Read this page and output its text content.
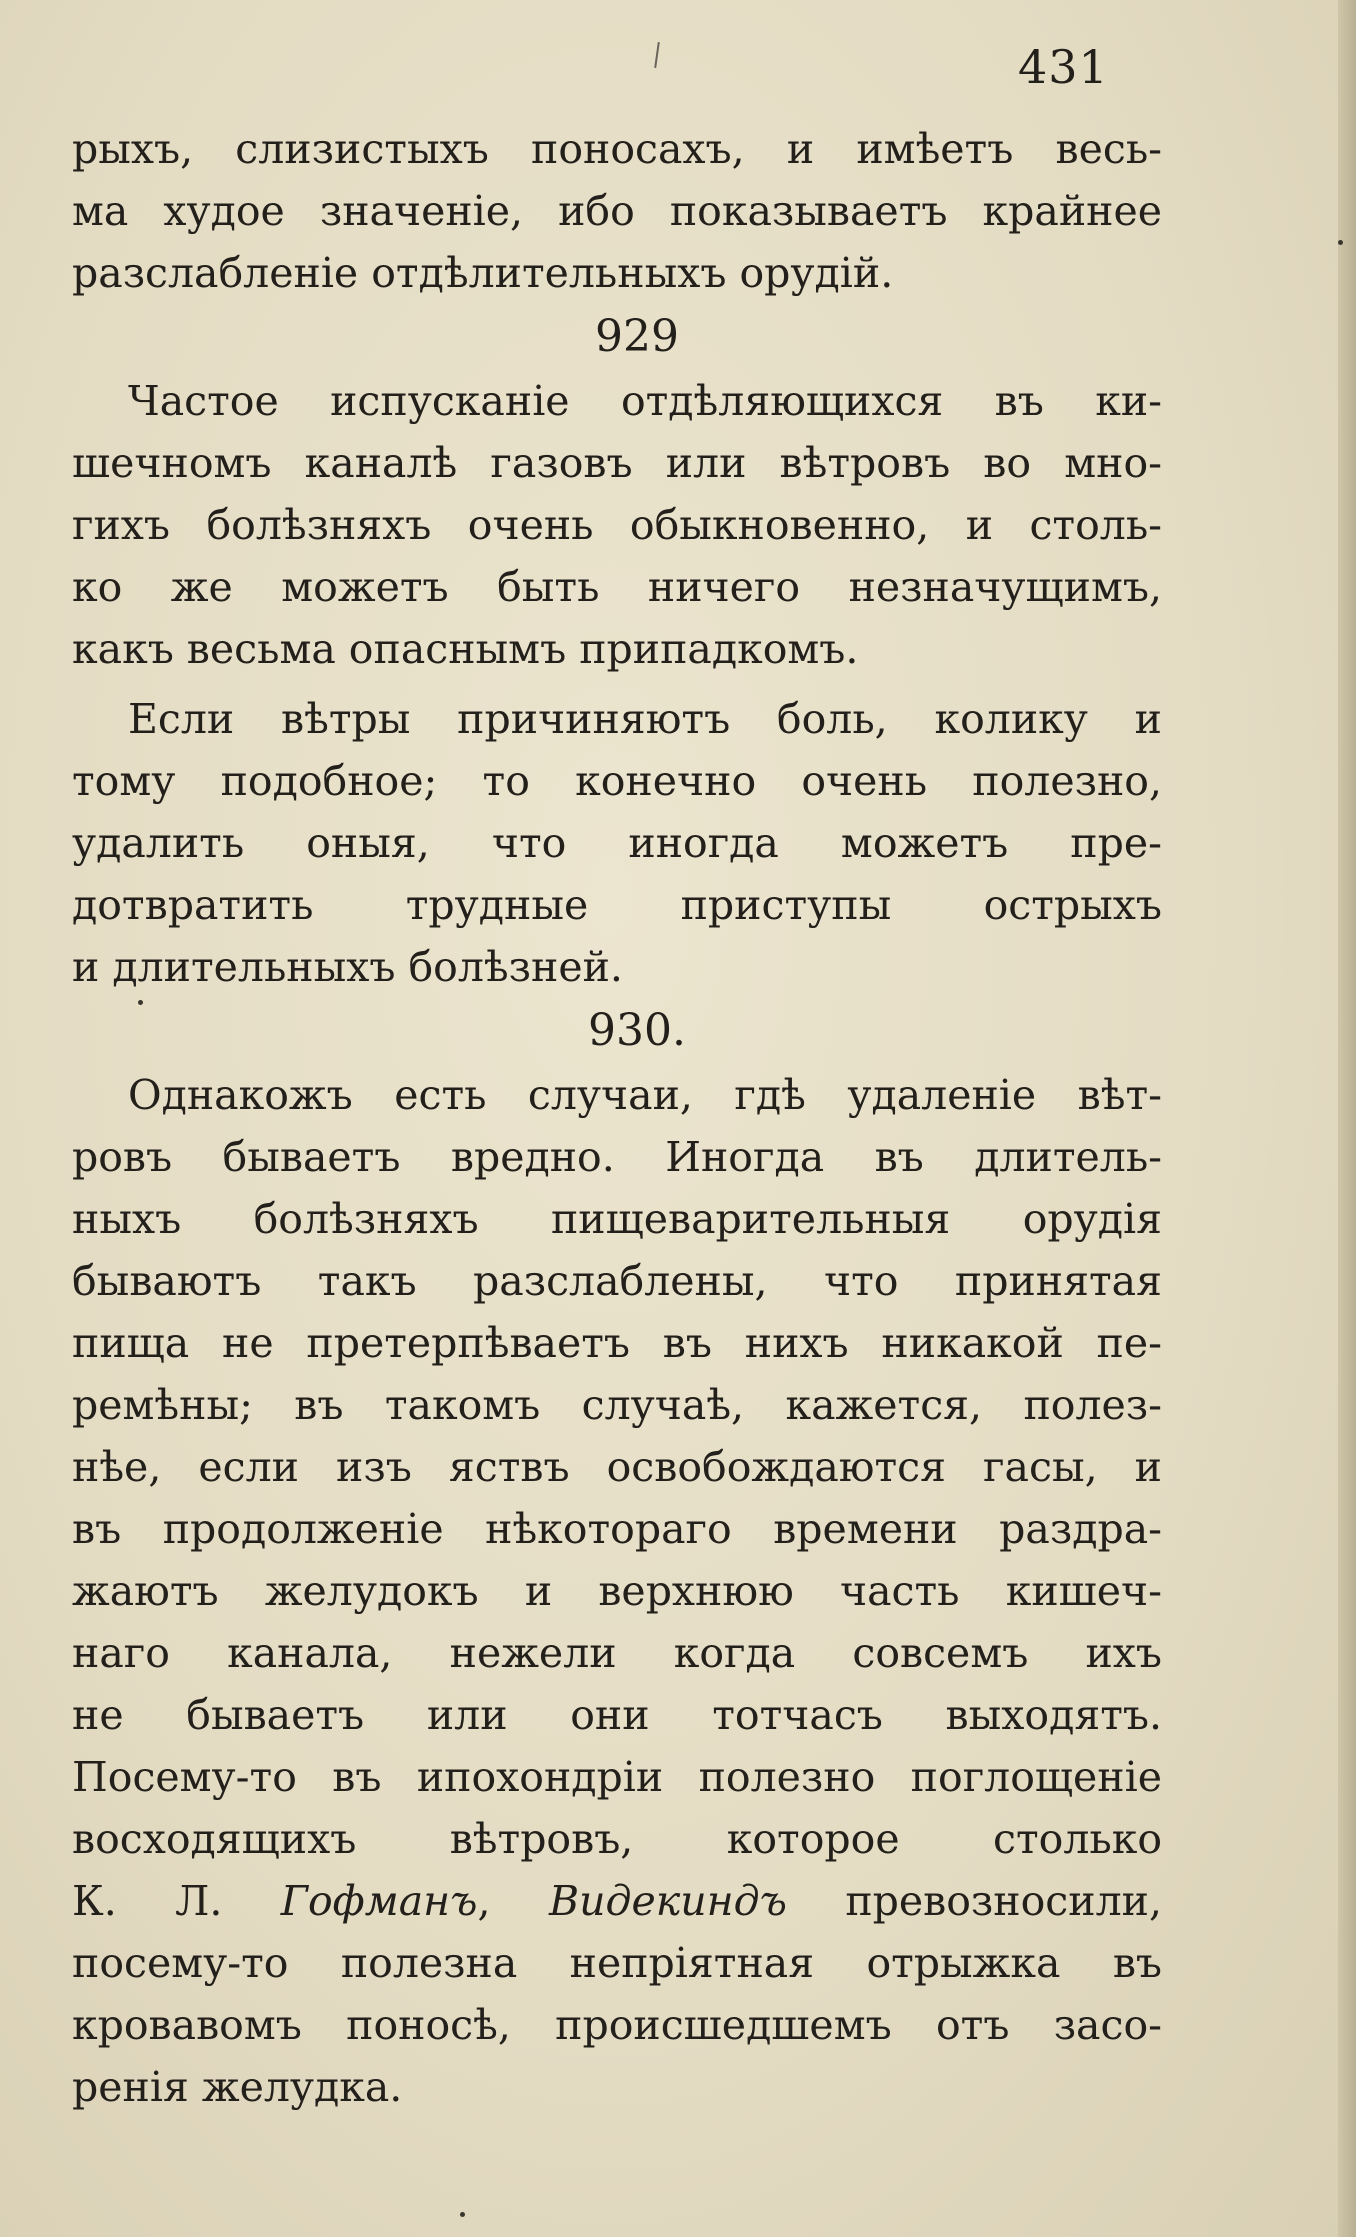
431
рыхъ, слизистыхъ поносахъ, и имѣетъ весь-
ма худое значеніе, ибо показываетъ крайнее
разслабленіе отдѣлительныхъ орудій.
929
Частое испусканіе отдѣляющихся въ ки-
шечномъ каналѣ газовъ или вѣтровъ во мно-
гихъ болѣзняхъ очень обыкновенно, и столь-
ко же можетъ быть ничего незначущимъ,
какъ весьма опаснымъ припадкомъ.
Если вѣтры причиняютъ боль, колику и
тому подобное; то конечно очень полезно,
удалить оныя, что иногда можетъ пре-
дотвратить трудные приступы острыхъ
и длительныхъ болѣзней.
930.
Однакожъ есть случаи, гдѣ удаленіе вѣт-
ровъ бываетъ вредно. Иногда въ длитель-
ныхъ болѣзняхъ пищеварительныя орудія
бываютъ такъ разслаблены, что принятая
пища не претерпѣваетъ въ нихъ никакой пе-
ремѣны; въ такомъ случаѣ, кажется, полез-
нѣе, если изъ яствъ освобождаются гасы, и
въ продолженіе нѣкотораго времени раздра-
жаютъ желудокъ и верхнюю часть кишеч-
наго канала, нежели когда совсемъ ихъ
не бываетъ или они тотчасъ выходятъ.
Посему-то въ ипохондріи полезно поглощеніе
восходящихъ вѣтровъ, которое столько
К. Л. Гофманъ, Видекиндъ превозносили,
посему-то полезна непріятная отрыжка въ
кровавомъ поносѣ, происшедшемъ отъ засо-
ренія желудка.
